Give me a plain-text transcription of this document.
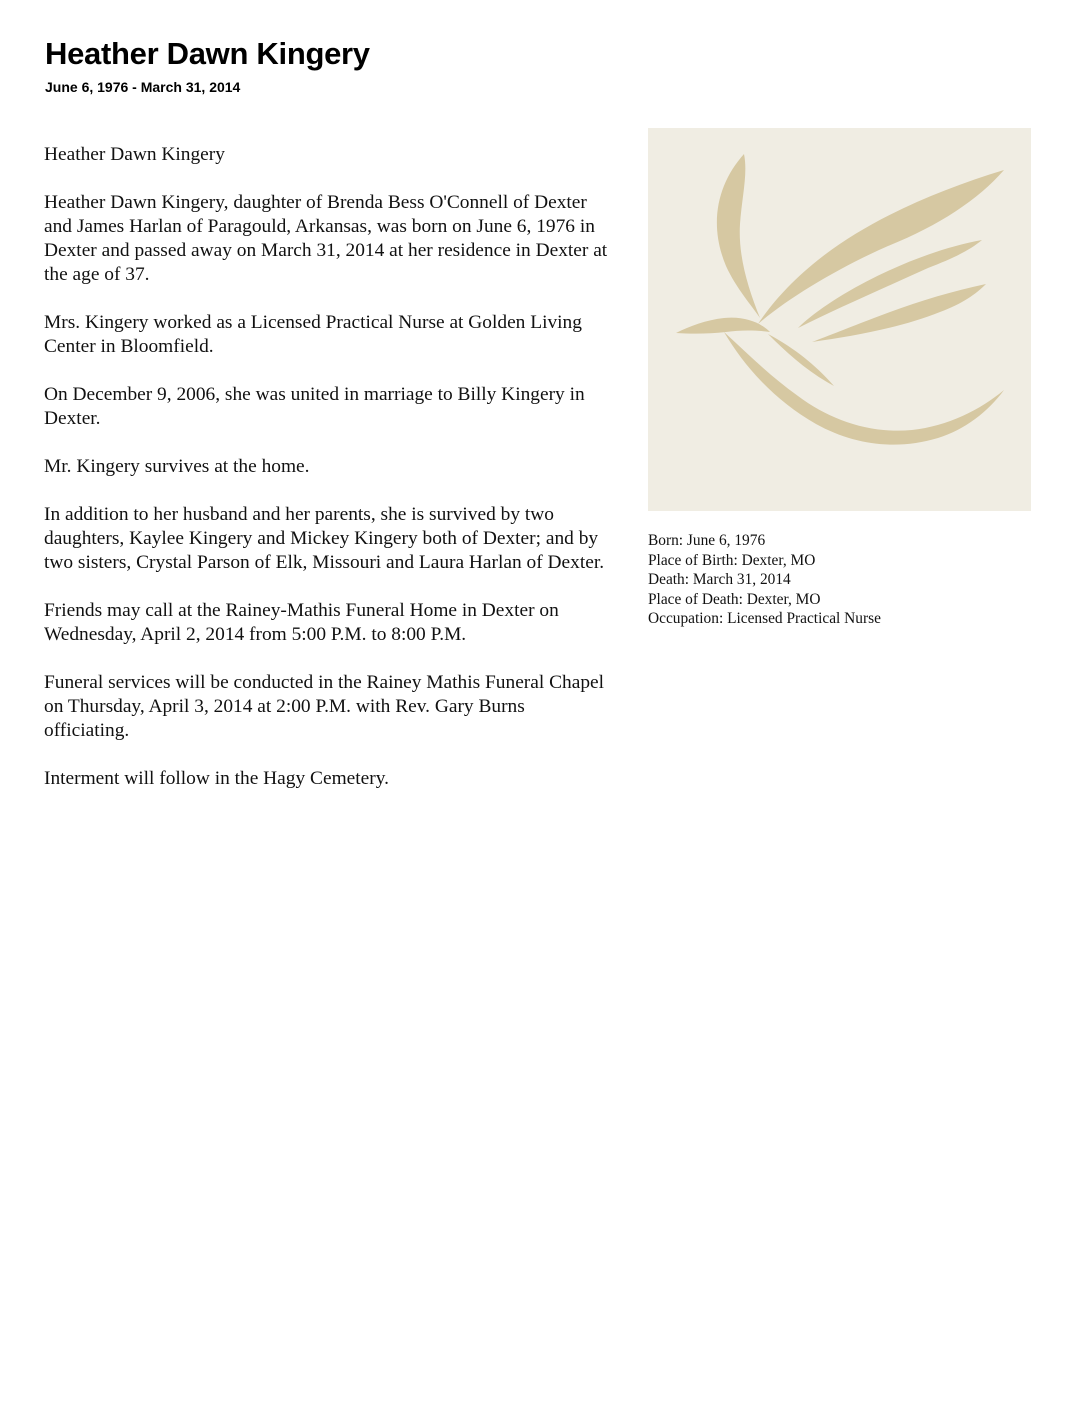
Heather Dawn Kingery
June 6, 1976 - March 31, 2014

Heather Dawn Kingery

Heather Dawn Kingery, daughter of Brenda Bess O'Connell of Dexter and James Harlan of Paragould, Arkansas, was born on June 6, 1976 in Dexter and passed away on March 31, 2014 at her residence in Dexter at the age of 37.

Mrs. Kingery worked as a Licensed Practical Nurse at Golden Living Center in Bloomfield.

On December 9, 2006, she was united in marriage to Billy Kingery in Dexter.

Mr. Kingery survives at the home.

In addition to her husband and her parents, she is survived by two daughters, Kaylee Kingery and Mickey Kingery both of Dexter; and by two sisters, Crystal Parson of Elk, Missouri and Laura Harlan of Dexter.

Friends may call at the Rainey-Mathis Funeral Home in Dexter on Wednesday, April 2, 2014 from 5:00 P.M. to 8:00 P.M.

Funeral services will be conducted in the Rainey Mathis Funeral Chapel on Thursday, April 3, 2014 at 2:00 P.M. with Rev. Gary Burns officiating.

Interment will follow in the Hagy Cemetery.

Born: June 6, 1976
Place of Birth: Dexter, MO
Death: March 31, 2014
Place of Death: Dexter, MO
Occupation: Licensed Practical Nurse
